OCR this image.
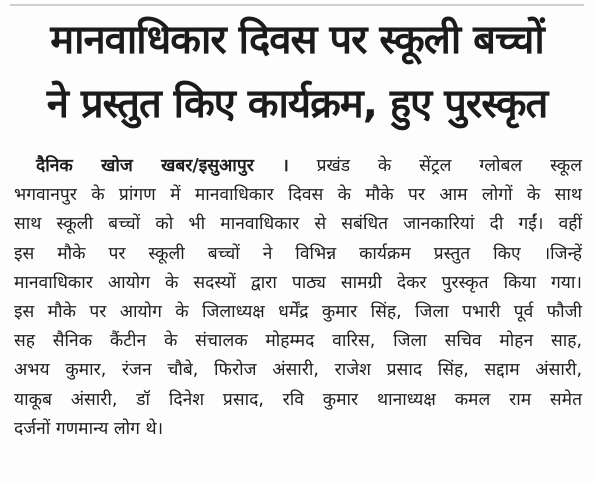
मानवाधिकार दिवस पर स्कूली बच्चों
ने प्रस्तुत किए कार्यक्रम, हुए पुरस्कृत
दैनिक खोज खबर/इसुआपुर । प्रखंड के सेंट्रल ग्लोबल स्कूल
भगवानपुर के प्रांगण में मानवाधिकार दिवस के मौके पर आम लोगों के साथ
साथ स्कूली बच्चों को भी मानवाधिकार से सबंधित जानकारियां दी गईं। वहीं
इस मौके पर स्कूली बच्चों ने विभिन्न कार्यक्रम प्रस्तुत किए ।जिन्हें
मानवाधिकार आयोग के सदस्यों द्वारा पाठ्य सामग्री देकर पुरस्कृत किया गया।
इस मौके पर आयोग के जिलाध्यक्ष धर्मेंद्र कुमार सिंह, जिला पभारी पूर्व फौजी
सह सैनिक कैंटीन के संचालक मोहम्मद वारिस, जिला सचिव मोहन साह,
अभय कुमार, रंजन चौबे, फिरोज अंसारी, राजेश प्रसाद सिंह, सद्दाम अंसारी,
याकूब अंसारी, डॉ दिनेश प्रसाद, रवि कुमार थानाध्यक्ष कमल राम समेत
दर्जनों गणमान्य लोग थे।
